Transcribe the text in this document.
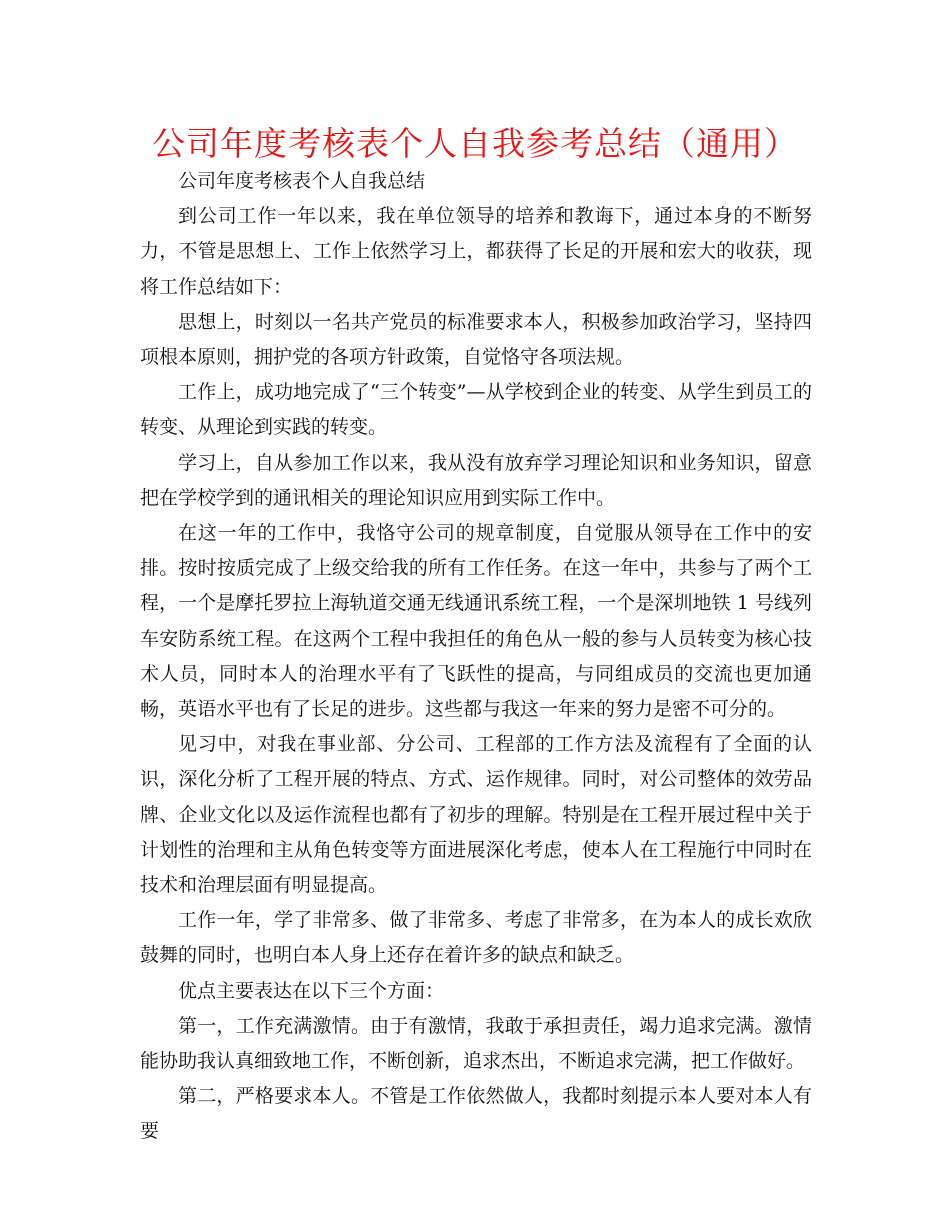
公司年度考核表个人自我参考总结（通用）

公司年度考核表个人自我总结

到公司工作一年以来，我在单位领导的培养和教诲下，通过本身的不断努力，不管是思想上、工作上依然学习上，都获得了长足的开展和宏大的收获，现将工作总结如下：

思想上，时刻以一名共产党员的标准要求本人，积极参加政治学习，坚持四项根本原则，拥护党的各项方针政策，自觉恪守各项法规。

工作上，成功地完成了“三个转变”—从学校到企业的转变、从学生到员工的转变、从理论到实践的转变。

学习上，自从参加工作以来，我从没有放弃学习理论知识和业务知识，留意把在学校学到的通讯相关的理论知识应用到实际工作中。

在这一年的工作中，我恪守公司的规章制度，自觉服从领导在工作中的安排。按时按质完成了上级交给我的所有工作任务。在这一年中，共参与了两个工程，一个是摩托罗拉上海轨道交通无线通讯系统工程，一个是深圳地铁 1 号线列车安防系统工程。在这两个工程中我担任的角色从一般的参与人员转变为核心技术人员，同时本人的治理水平有了飞跃性的提高，与同组成员的交流也更加通畅，英语水平也有了长足的进步。这些都与我这一年来的努力是密不可分的。

见习中，对我在事业部、分公司、工程部的工作方法及流程有了全面的认识，深化分析了工程开展的特点、方式、运作规律。同时，对公司整体的效劳品牌、企业文化以及运作流程也都有了初步的理解。特别是在工程开展过程中关于计划性的治理和主从角色转变等方面进展深化考虑，使本人在工程施行中同时在技术和治理层面有明显提高。

工作一年，学了非常多、做了非常多、考虑了非常多，在为本人的成长欢欣鼓舞的同时，也明白本人身上还存在着许多的缺点和缺乏。

优点主要表达在以下三个方面：

第一，工作充满激情。由于有激情，我敢于承担责任，竭力追求完满。激情能协助我认真细致地工作，不断创新，追求杰出，不断追求完满，把工作做好。

第二，严格要求本人。不管是工作依然做人，我都时刻提示本人要对本人有要
